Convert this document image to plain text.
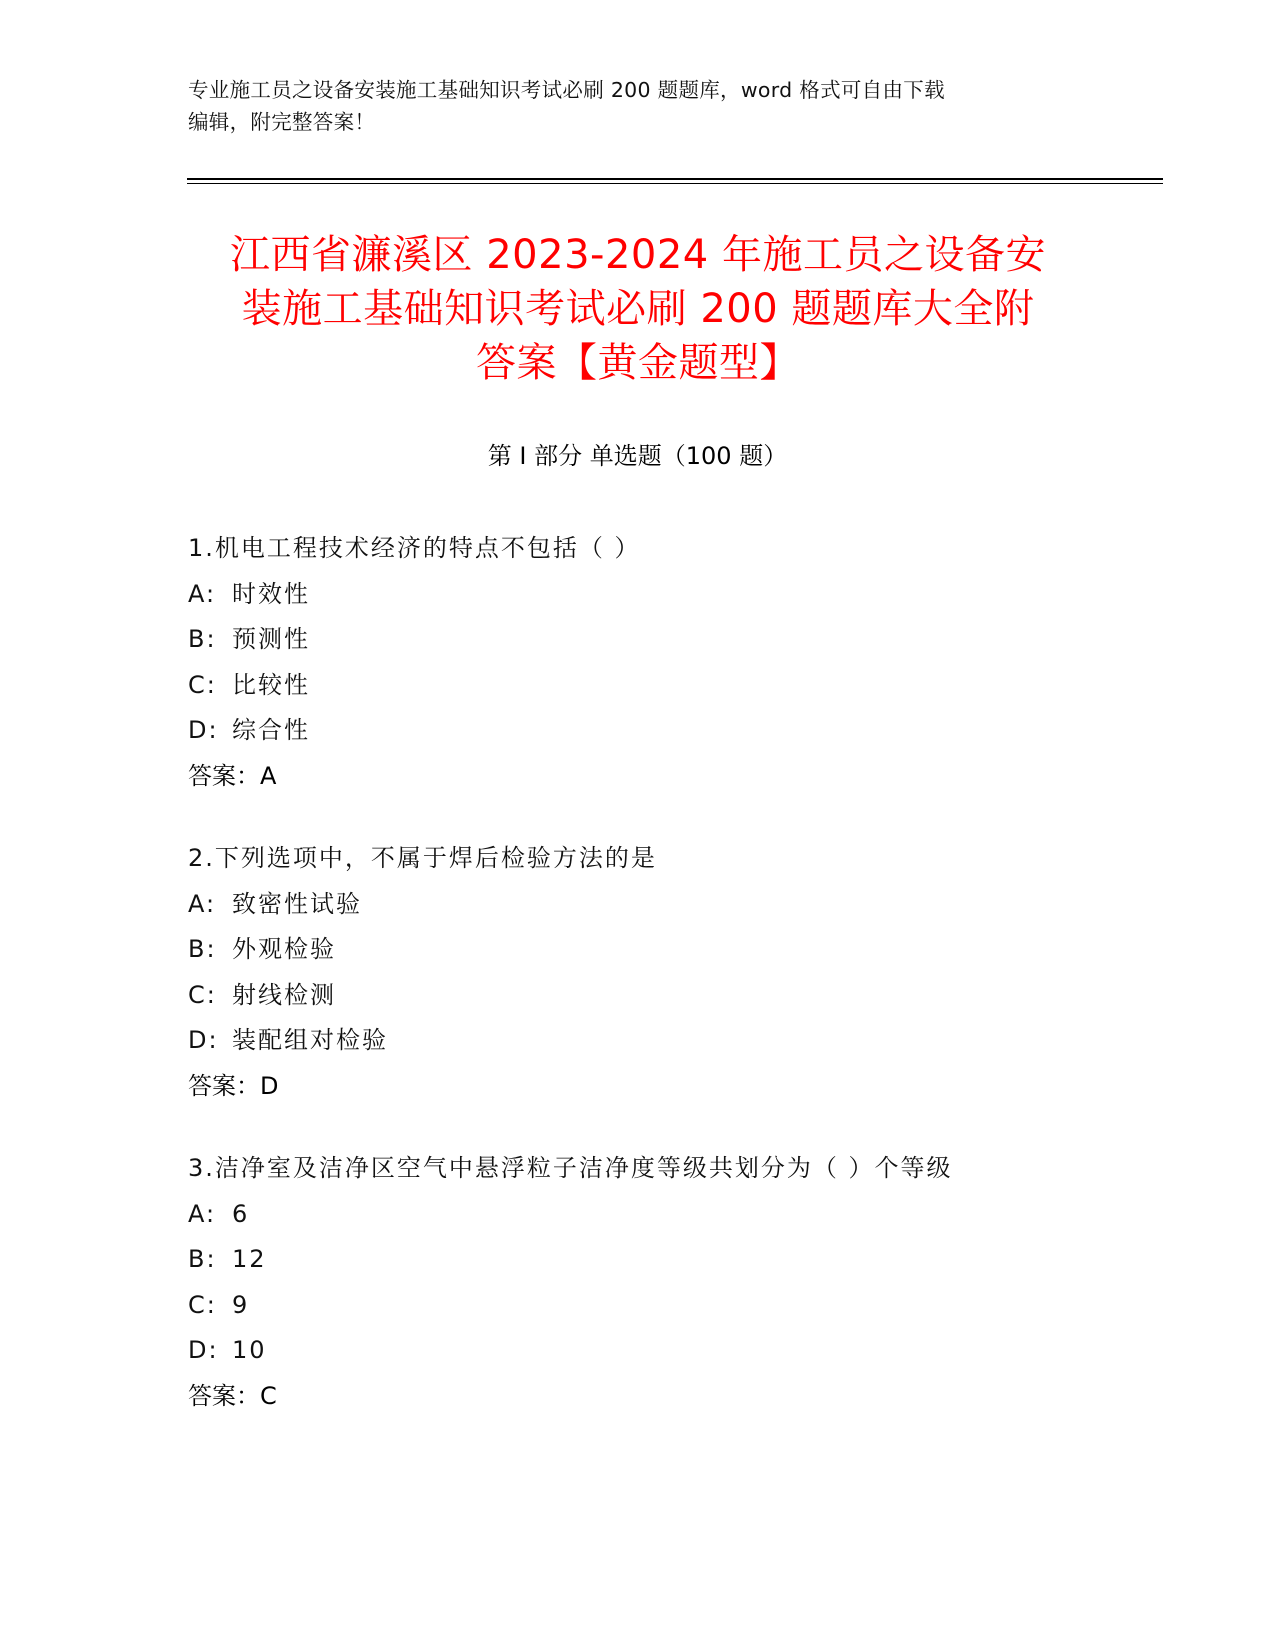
专业施工员之设备安装施工基础知识考试必刷 200 题题库，word 格式可自由下载
编辑，附完整答案！
江西省濂溪区 2023-2024 年施工员之设备安
装施工基础知识考试必刷 200 题题库大全附
答案【黄金题型】
第 I 部分 单选题（100 题）
1.机电工程技术经济的特点不包括（ ）
A: 时效性
B: 预测性
C: 比较性
D: 综合性
答案：A
2.下列选项中，不属于焊后检验方法的是
A: 致密性试验
B: 外观检验
C: 射线检测
D: 装配组对检验
答案：D
3.洁净室及洁净区空气中悬浮粒子洁净度等级共划分为（ ）个等级
A: 6
B: 12
C: 9
D: 10
答案：C
